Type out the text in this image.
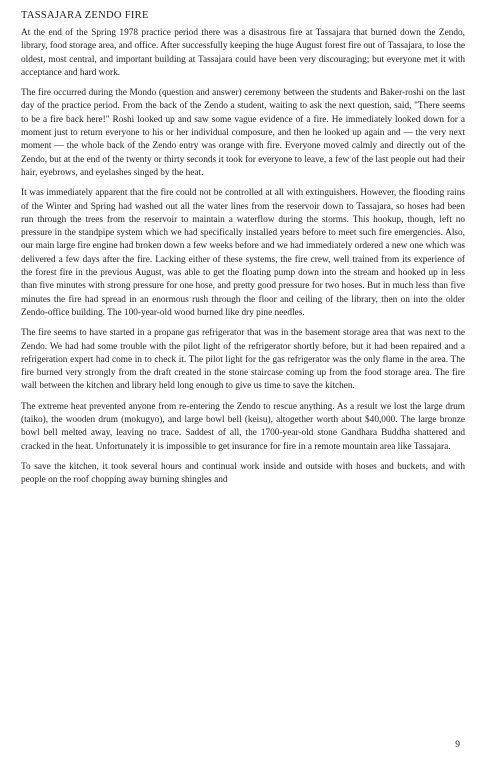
TASSAJARA ZENDO FIRE

At the end of the Spring 1978 practice period there was a disastrous fire at Tassajara that burned down the Zendo, library, food storage area, and office. After successfully keeping the huge August forest fire out of Tassajara, to lose the oldest, most central, and important building at Tassajara could have been very discouraging; but everyone met it with acceptance and hard work.

The fire occurred during the Mondo (question and answer) ceremony between the students and Baker-roshi on the last day of the practice period. From the back of the Zendo a student, waiting to ask the next question, said, "There seems to be a fire back here!" Roshi looked up and saw some vague evidence of a fire. He immediately looked down for a moment just to return everyone to his or her individual composure, and then he looked up again and — the very next moment — the whole back of the Zendo entry was orange with fire. Everyone moved calmly and directly out of the Zendo, but at the end of the twenty or thirty seconds it took for everyone to leave, a few of the last people out had their hair, eyebrows, and eyelashes singed by the heat.

It was immediately apparent that the fire could not be controlled at all with extinguishers. However, the flooding rains of the Winter and Spring had washed out all the water lines from the reservoir down to Tassajara, so hoses had been run through the trees from the reservoir to maintain a waterflow during the storms. This hookup, though, left no pressure in the standpipe system which we had specifically installed years before to meet such fire emergencies. Also, our main large fire engine had broken down a few weeks before and we had immediately ordered a new one which was delivered a few days after the fire. Lacking either of these systems, the fire crew, well trained from its experience of the forest fire in the previous August, was able to get the floating pump down into the stream and hooked up in less than five minutes with strong pressure for one hose, and pretty good pressure for two hoses. But in much less than five minutes the fire had spread in an enormous rush through the floor and ceiling of the library, then on into the older Zendo-office building. The 100-year-old wood burned like dry pine needles.

The fire seems to have started in a propane gas refrigerator that was in the basement storage area that was next to the Zendo. We had had some trouble with the pilot light of the refrigerator shortly before, but it had been repaired and a refrigeration expert had come in to check it. The pilot light for the gas refrigerator was the only flame in the area. The fire burned very strongly from the draft created in the stone staircase coming up from the food storage area. The fire wall between the kitchen and library held long enough to give us time to save the kitchen.

The extreme heat prevented anyone from re-entering the Zendo to rescue anything. As a result we lost the large drum (taiko), the wooden drum (mokugyo), and large bowl bell (keisu), altogether worth about $40,000. The large bronze bowl bell melted away, leaving no trace. Saddest of all, the 1700-year-old stone Gandhara Buddha shattered and cracked in the heat. Unfortunately it is impossible to get insurance for fire in a remote mountain area like Tassajara.

To save the kitchen, it took several hours and continual work inside and outside with hoses and buckets, and with people on the roof chopping away burning shingles and

9
